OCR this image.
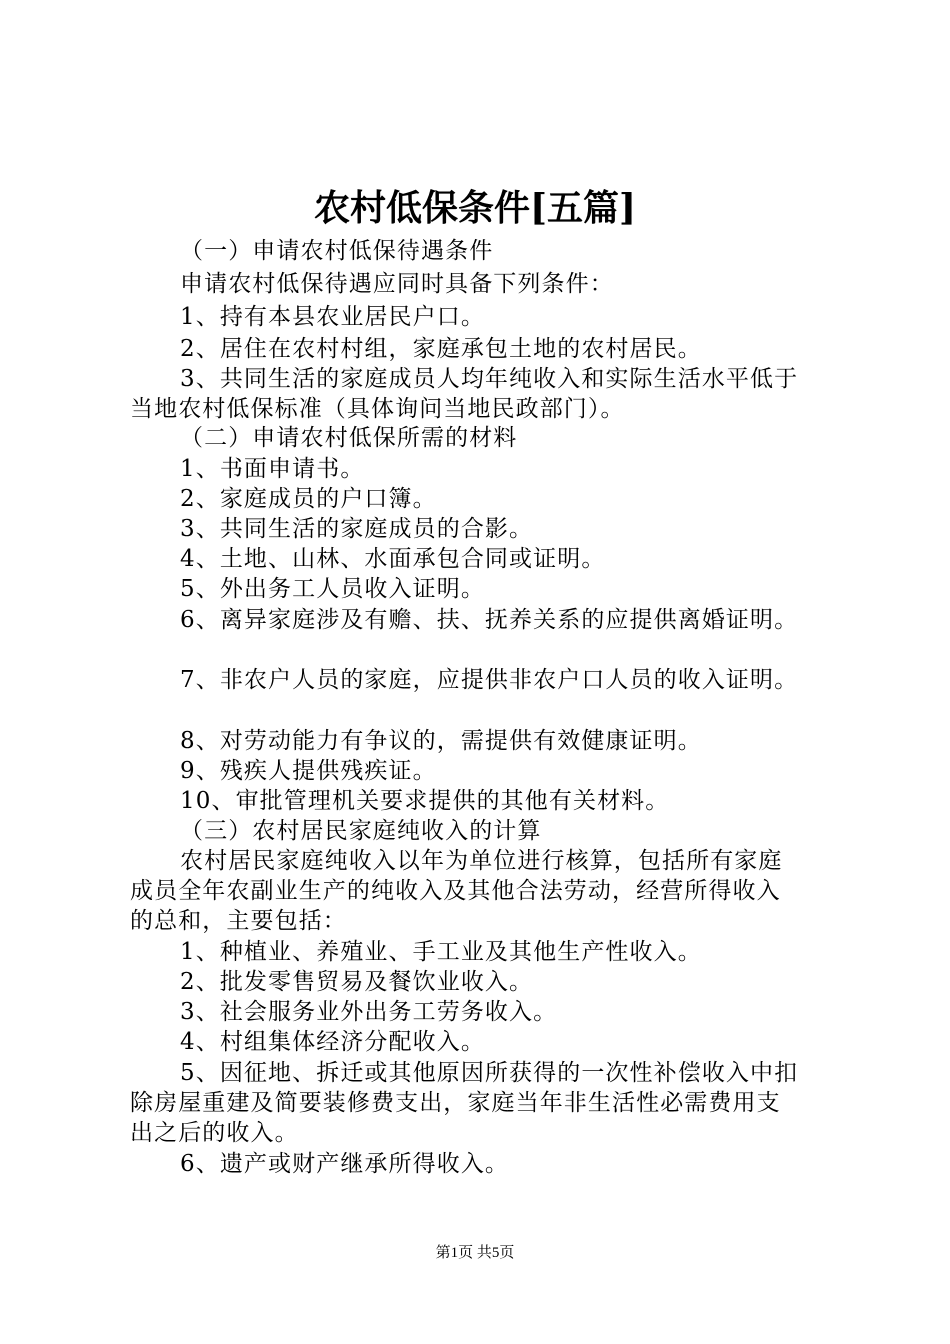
农村低保条件[五篇]
（一）申请农村低保待遇条件
申请农村低保待遇应同时具备下列条件：
1、持有本县农业居民户口。
2、居住在农村村组，家庭承包土地的农村居民。
3、共同生活的家庭成员人均年纯收入和实际生活水平低于
当地农村低保标准（具体询问当地民政部门）。
（二）申请农村低保所需的材料
1、书面申请书。
2、家庭成员的户口簿。
3、共同生活的家庭成员的合影。
4、土地、山林、水面承包合同或证明。
5、外出务工人员收入证明。
6、离异家庭涉及有赡、扶、抚养关系的应提供离婚证明。
7、非农户人员的家庭，应提供非农户口人员的收入证明。
8、对劳动能力有争议的，需提供有效健康证明。
9、残疾人提供残疾证。
10、审批管理机关要求提供的其他有关材料。
（三）农村居民家庭纯收入的计算
农村居民家庭纯收入以年为单位进行核算，包括所有家庭
成员全年农副业生产的纯收入及其他合法劳动，经营所得收入
的总和，主要包括：
1、种植业、养殖业、手工业及其他生产性收入。
2、批发零售贸易及餐饮业收入。
3、社会服务业外出务工劳务收入。
4、村组集体经济分配收入。
5、因征地、拆迁或其他原因所获得的一次性补偿收入中扣
除房屋重建及简要装修费支出，家庭当年非生活性必需费用支
出之后的收入。
6、遗产或财产继承所得收入。
第1页 共5页
